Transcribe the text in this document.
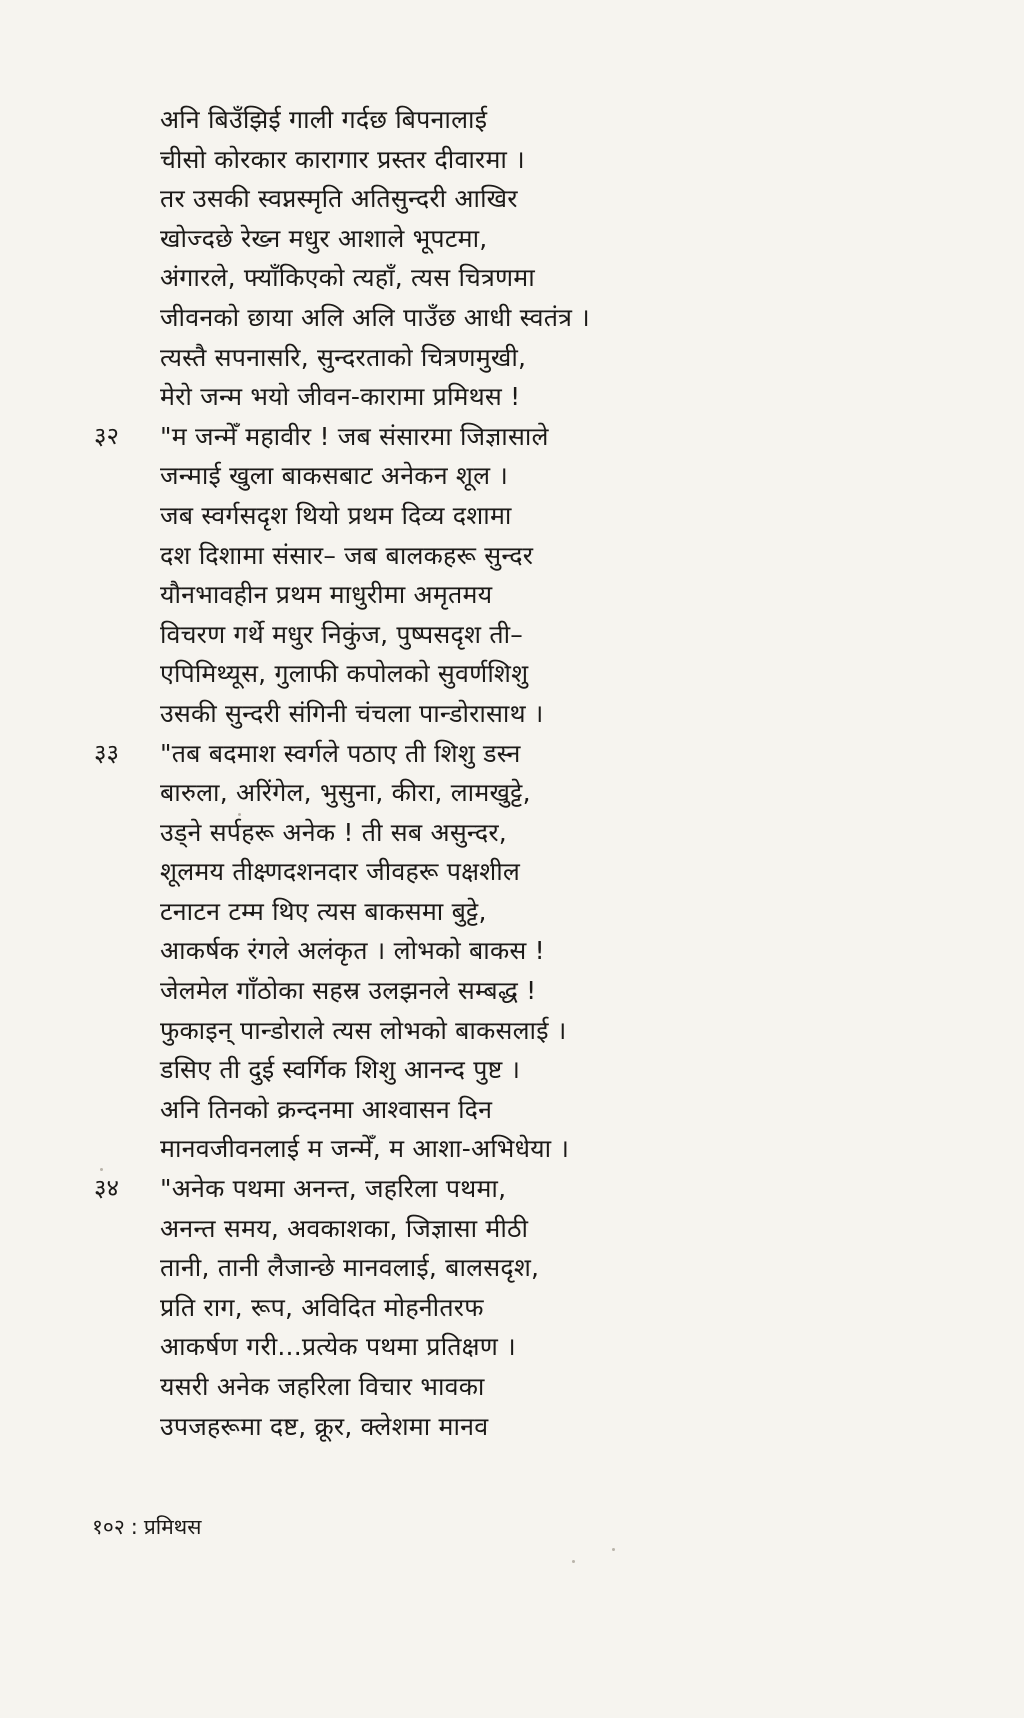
अनि बिउँझिई गाली गर्दछ बिपनालाई
चीसो कोरकार कारागार प्रस्तर दीवारमा ।
तर उसकी स्वप्नस्मृति अतिसुन्दरी आखिर
खोज्दछे रेख्न मधुर आशाले भूपटमा,
अंगारले, फ्याँकिएको त्यहाँ, त्यस चित्रणमा
जीवनको छाया अलि अलि पाउँछ आधी स्वतंत्र ।
त्यस्तै सपनासरि, सुन्दरताको चित्रणमुखी,
मेरो जन्म भयो जीवन-कारामा प्रमिथस !
३२ "म जन्मेँ महावीर ! जब संसारमा जिज्ञासाले
जन्माई खुला बाकसबाट अनेकन शूल ।
जब स्वर्गसदृश थियो प्रथम दिव्य दशामा
दश दिशामा संसार– जब बालकहरू सुन्दर
यौनभावहीन प्रथम माधुरीमा अमृतमय
विचरण गर्थे मधुर निकुंज, पुष्पसदृश ती–
एपिमिथ्यूस, गुलाफी कपोलको सुवर्णशिशु
उसकी सुन्दरी संगिनी चंचला पान्डोरासाथ ।
३३ "तब बदमाश स्वर्गले पठाए ती शिशु डस्न
बारुला, अरिंगेल, भुसुना, कीरा, लामखुट्टे,
उड्ने सर्पहरू अनेक ! ती सब असुन्दर,
शूलमय तीक्ष्णदशनदार जीवहरू पक्षशील
टनाटन टम्म थिए त्यस बाकसमा बुट्टे,
आकर्षक रंगले अलंकृत । लोभको बाकस !
जेलमेल गाँठोका सहस्र उलझनले सम्बद्ध !
फुकाइन् पान्डोराले त्यस लोभको बाकसलाई ।
डसिए ती दुई स्वर्गिक शिशु आनन्द पुष्ट ।
अनि तिनको क्रन्दनमा आश्वासन दिन
मानवजीवनलाई म जन्मेँ, म आशा-अभिधेया ।
३४ "अनेक पथमा अनन्त, जहरिला पथमा,
अनन्त समय, अवकाशका, जिज्ञासा मीठी
तानी, तानी लैजान्छे मानवलाई, बालसदृश,
प्रति राग, रूप, अविदित मोहनीतरफ
आकर्षण गरी...प्रत्येक पथमा प्रतिक्षण ।
यसरी अनेक जहरिला विचार भावका
उपजहरूमा दष्ट, क्रूर, क्लेशमा मानव
१०२ : प्रमिथस
